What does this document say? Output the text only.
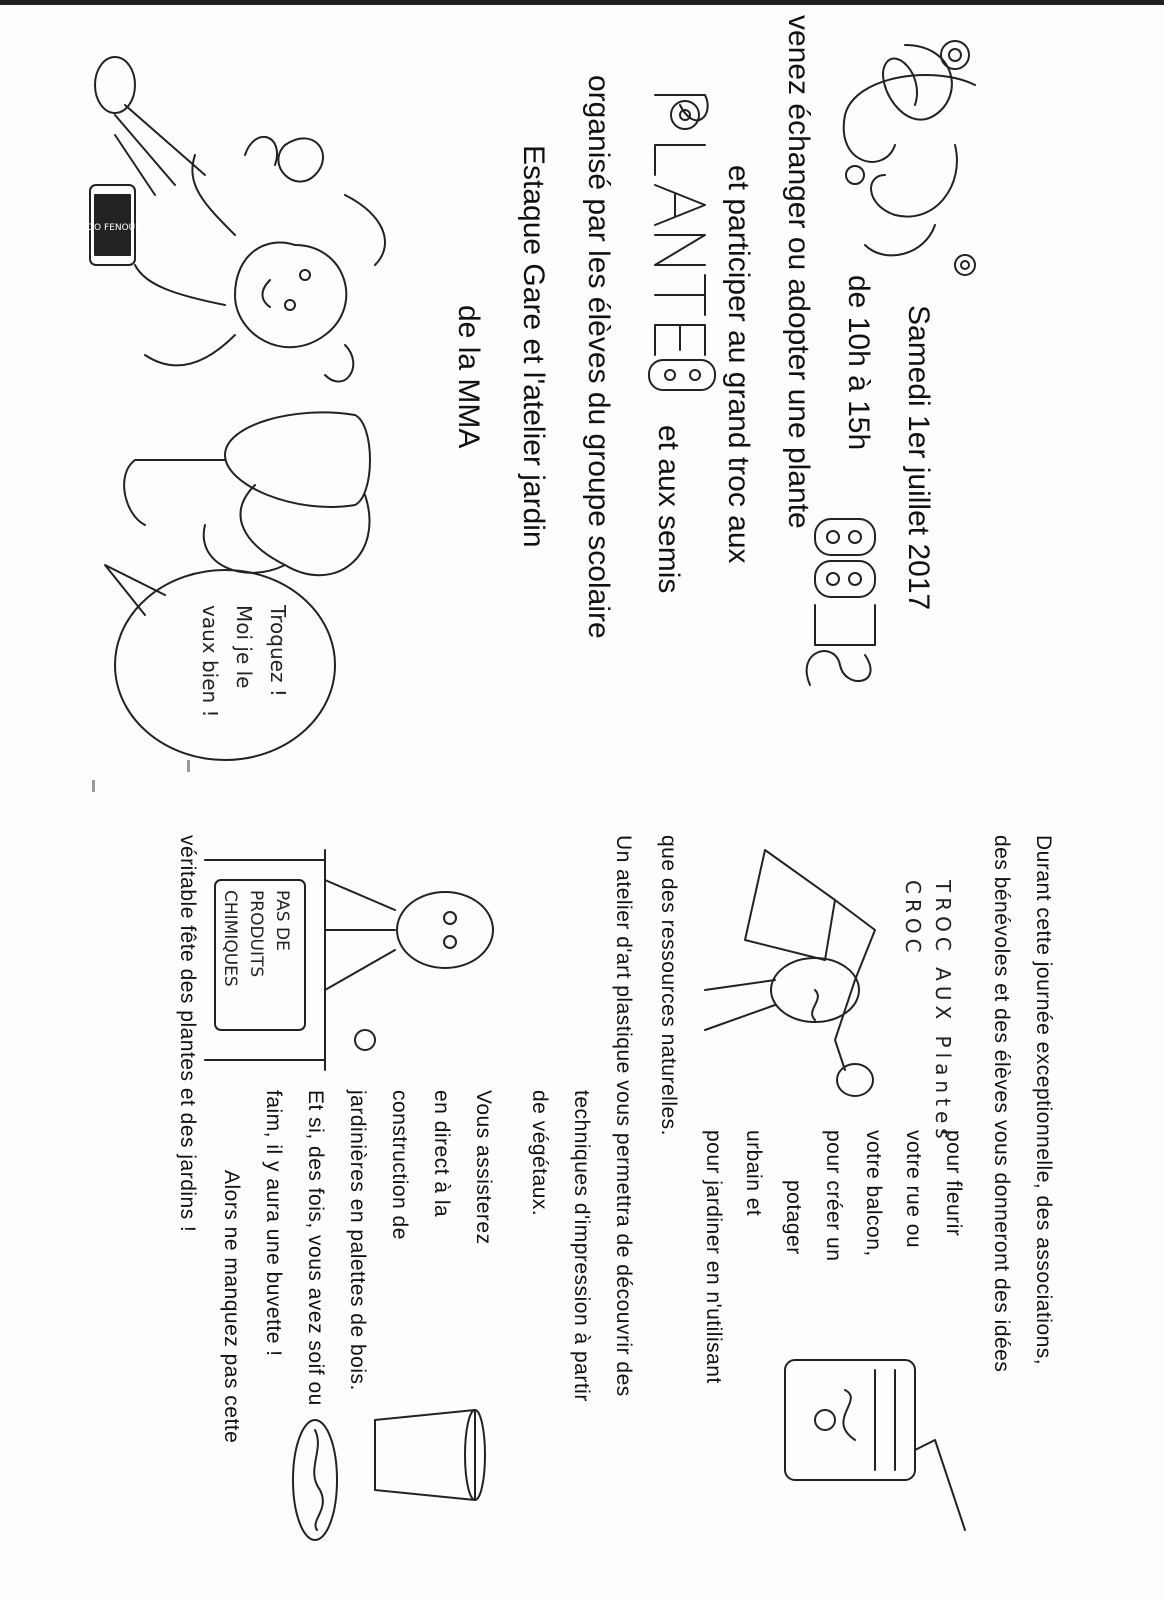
Samedi 1er juillet 2017
de 10h à 15h
venez échanger ou adopter une plante
et participer au grand troc aux
et aux semis
organisé par les élèves du groupe scolaire
Estaque Gare et l'atelier jardin
de la MMA
DO FENOUIL
Troquez ! Moi je le vaux bien !
Durant cette journée exceptionnelle, des associations,
des bénévoles et des élèves vous donneront des idées
pour fleurir
votre rue ou
votre balcon,
pour créer un
potager
urbain et
pour jardiner en n'utilisant
que des ressources naturelles.
Un atelier d'art plastique vous permettra de découvrir des
techniques d'impression à partir
de végétaux.
Vous assisterez
en direct à la
construction de
jardinières en palettes de bois.
Et si, des fois, vous avez soif ou
faim, il y aura une buvette !
Alors ne manquez pas cette
véritable fête des plantes et des jardins !	TROC AUX Plantes
CROC
PAS DE PRODUITS CHIMIQUES
